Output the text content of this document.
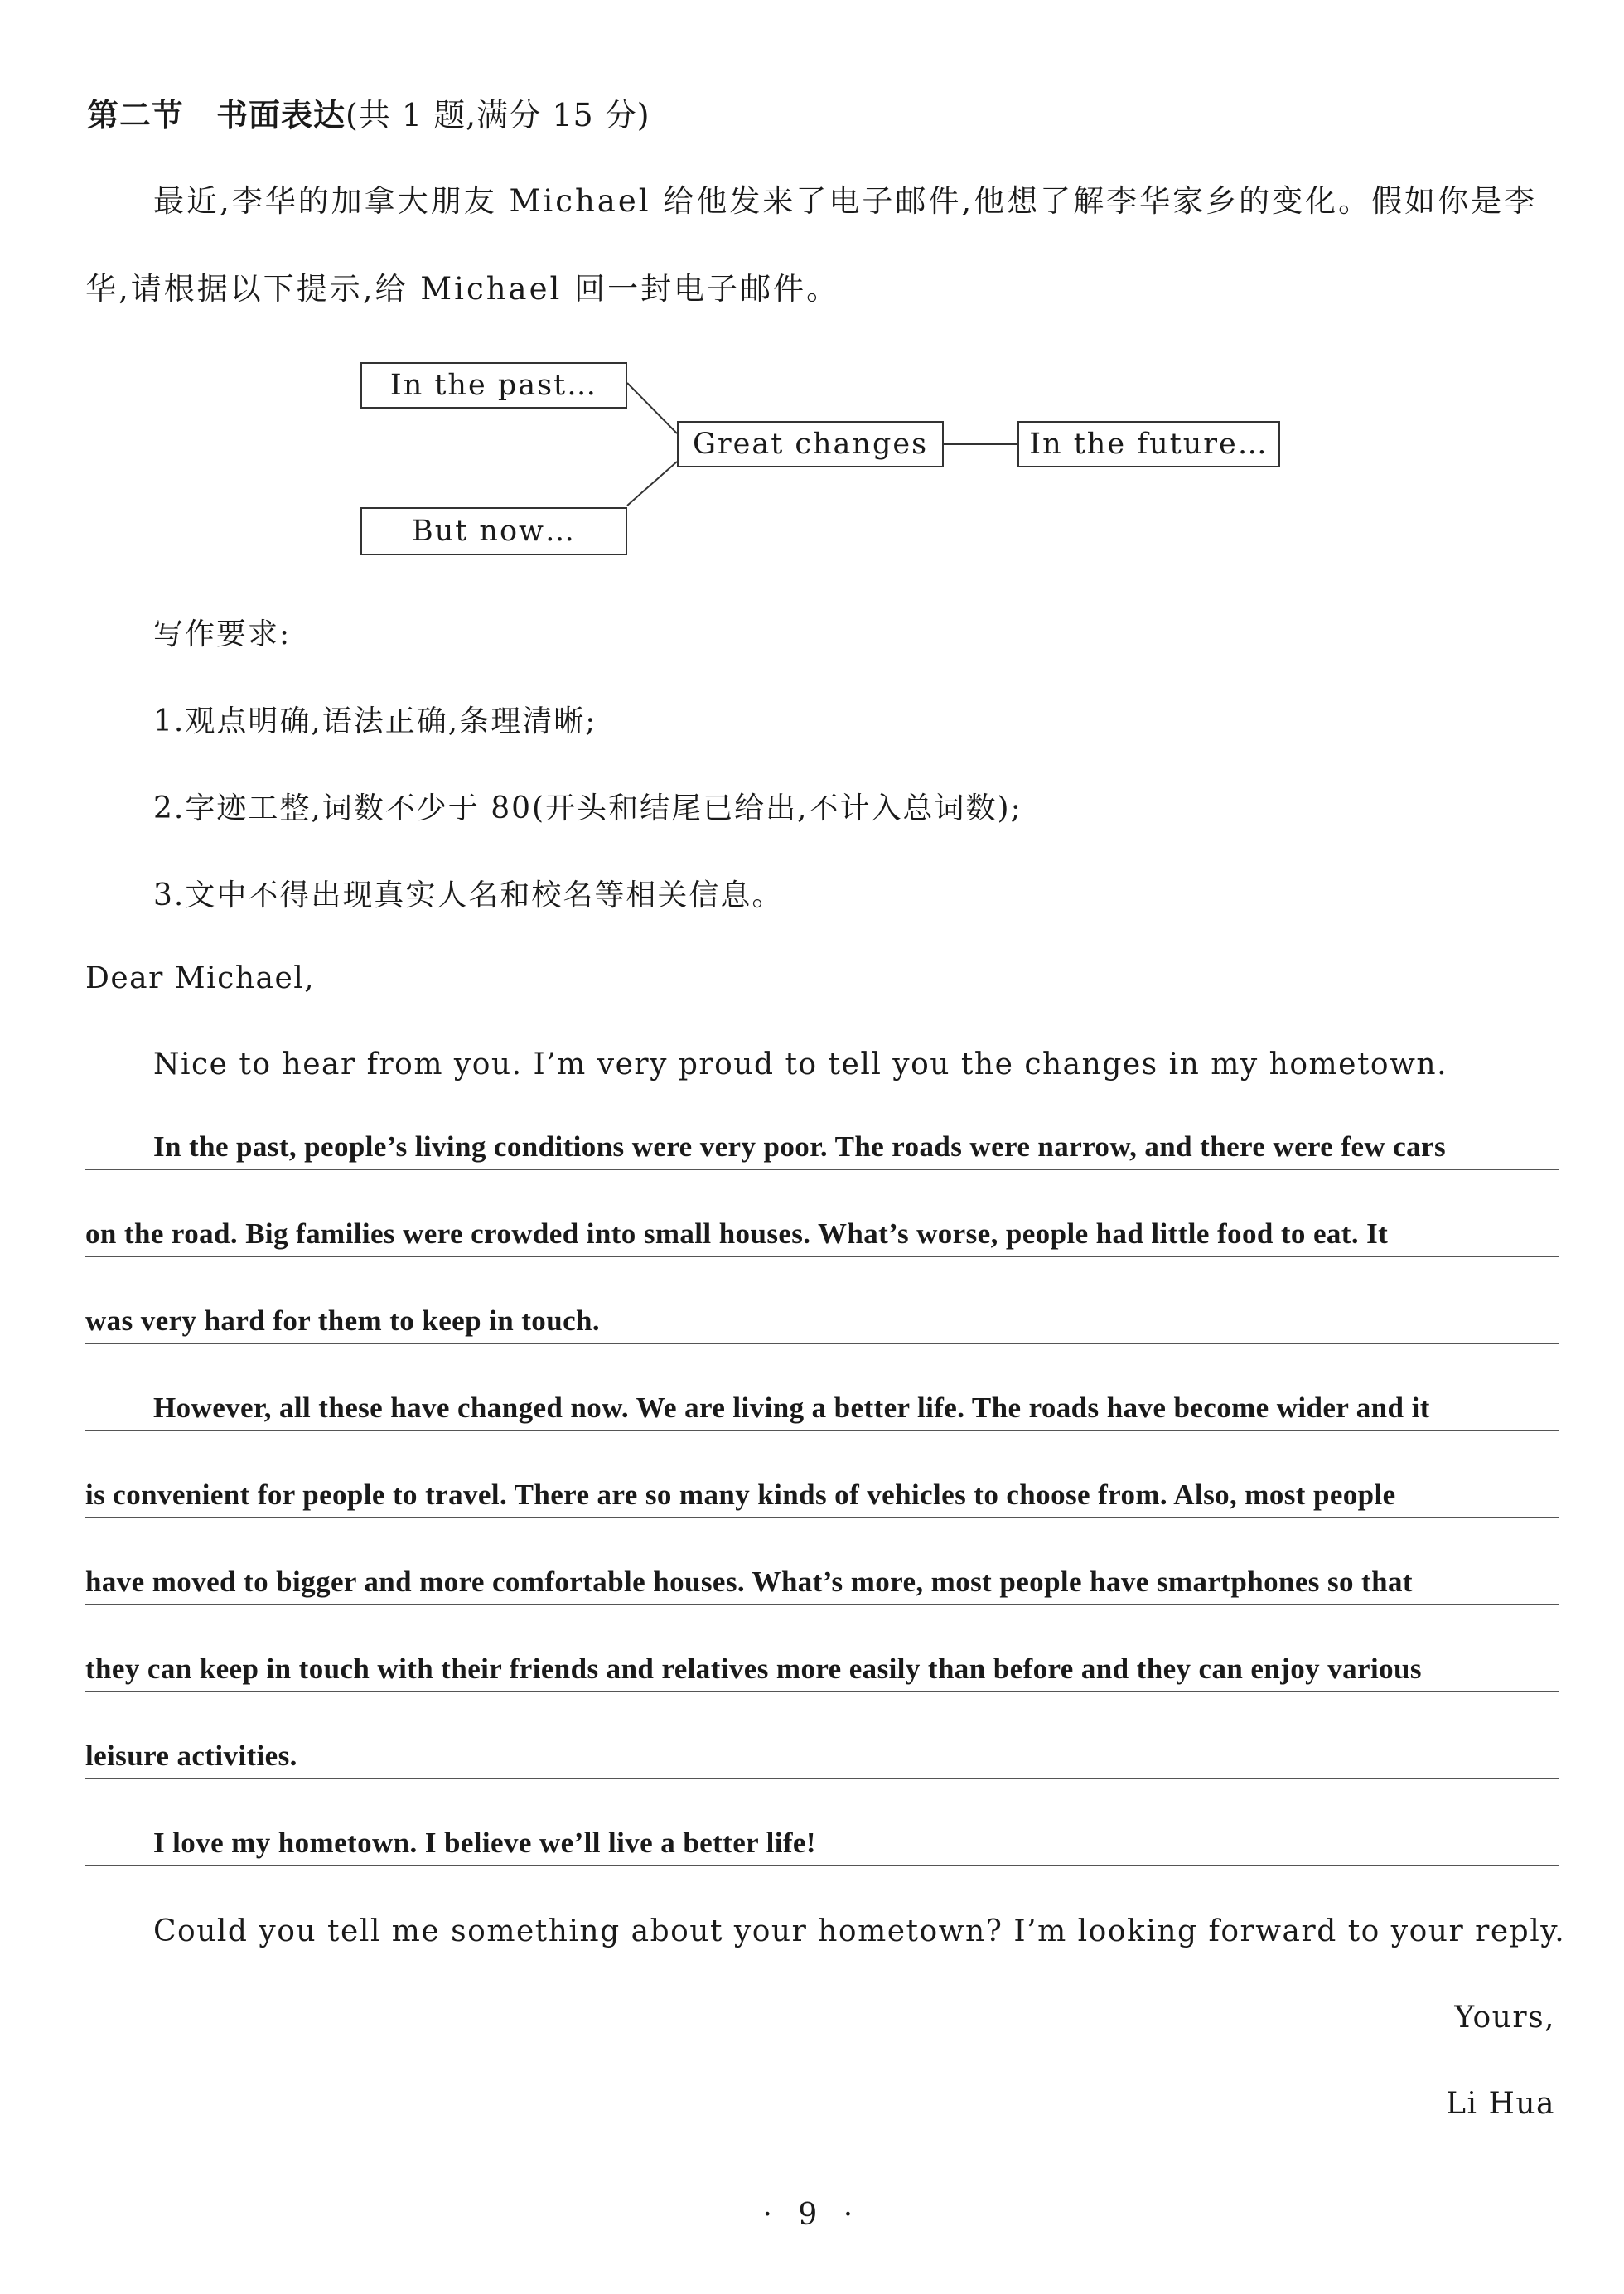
第二节　书面表达(共 1 题,满分 15 分)
最近,李华的加拿大朋友 Michael 给他发来了电子邮件,他想了解李华家乡的变化。假如你是李
华,请根据以下提示,给 Michael 回一封电子邮件。
In the past…
But now…
Great changes	In the future…
写作要求:
1.观点明确,语法正确,条理清晰;
2.字迹工整,词数不少于 80(开头和结尾已给出,不计入总词数);
3.文中不得出现真实人名和校名等相关信息。
Dear Michael,
Nice to hear from you. I’m very proud to tell you the changes in my hometown.
In the past, people’s living conditions were very poor. The roads were narrow, and there were few cars
on the road. Big families were crowded into small houses. What’s worse, people had little food to eat. It
was very hard for them to keep in touch.
However, all these have changed now. We are living a better life. The roads have become wider and it
is convenient for people to travel. There are so many kinds of vehicles to choose from. Also, most people
have moved to bigger and more comfortable houses. What’s more, most people have smartphones so that
they can keep in touch with their friends and relatives more easily than before and they can enjoy various
leisure activities.
I love my hometown. I believe we’ll live a better life!
Could you tell me something about your hometown? I’m looking forward to your reply.
Yours,
Li Hua
· 9 ·
